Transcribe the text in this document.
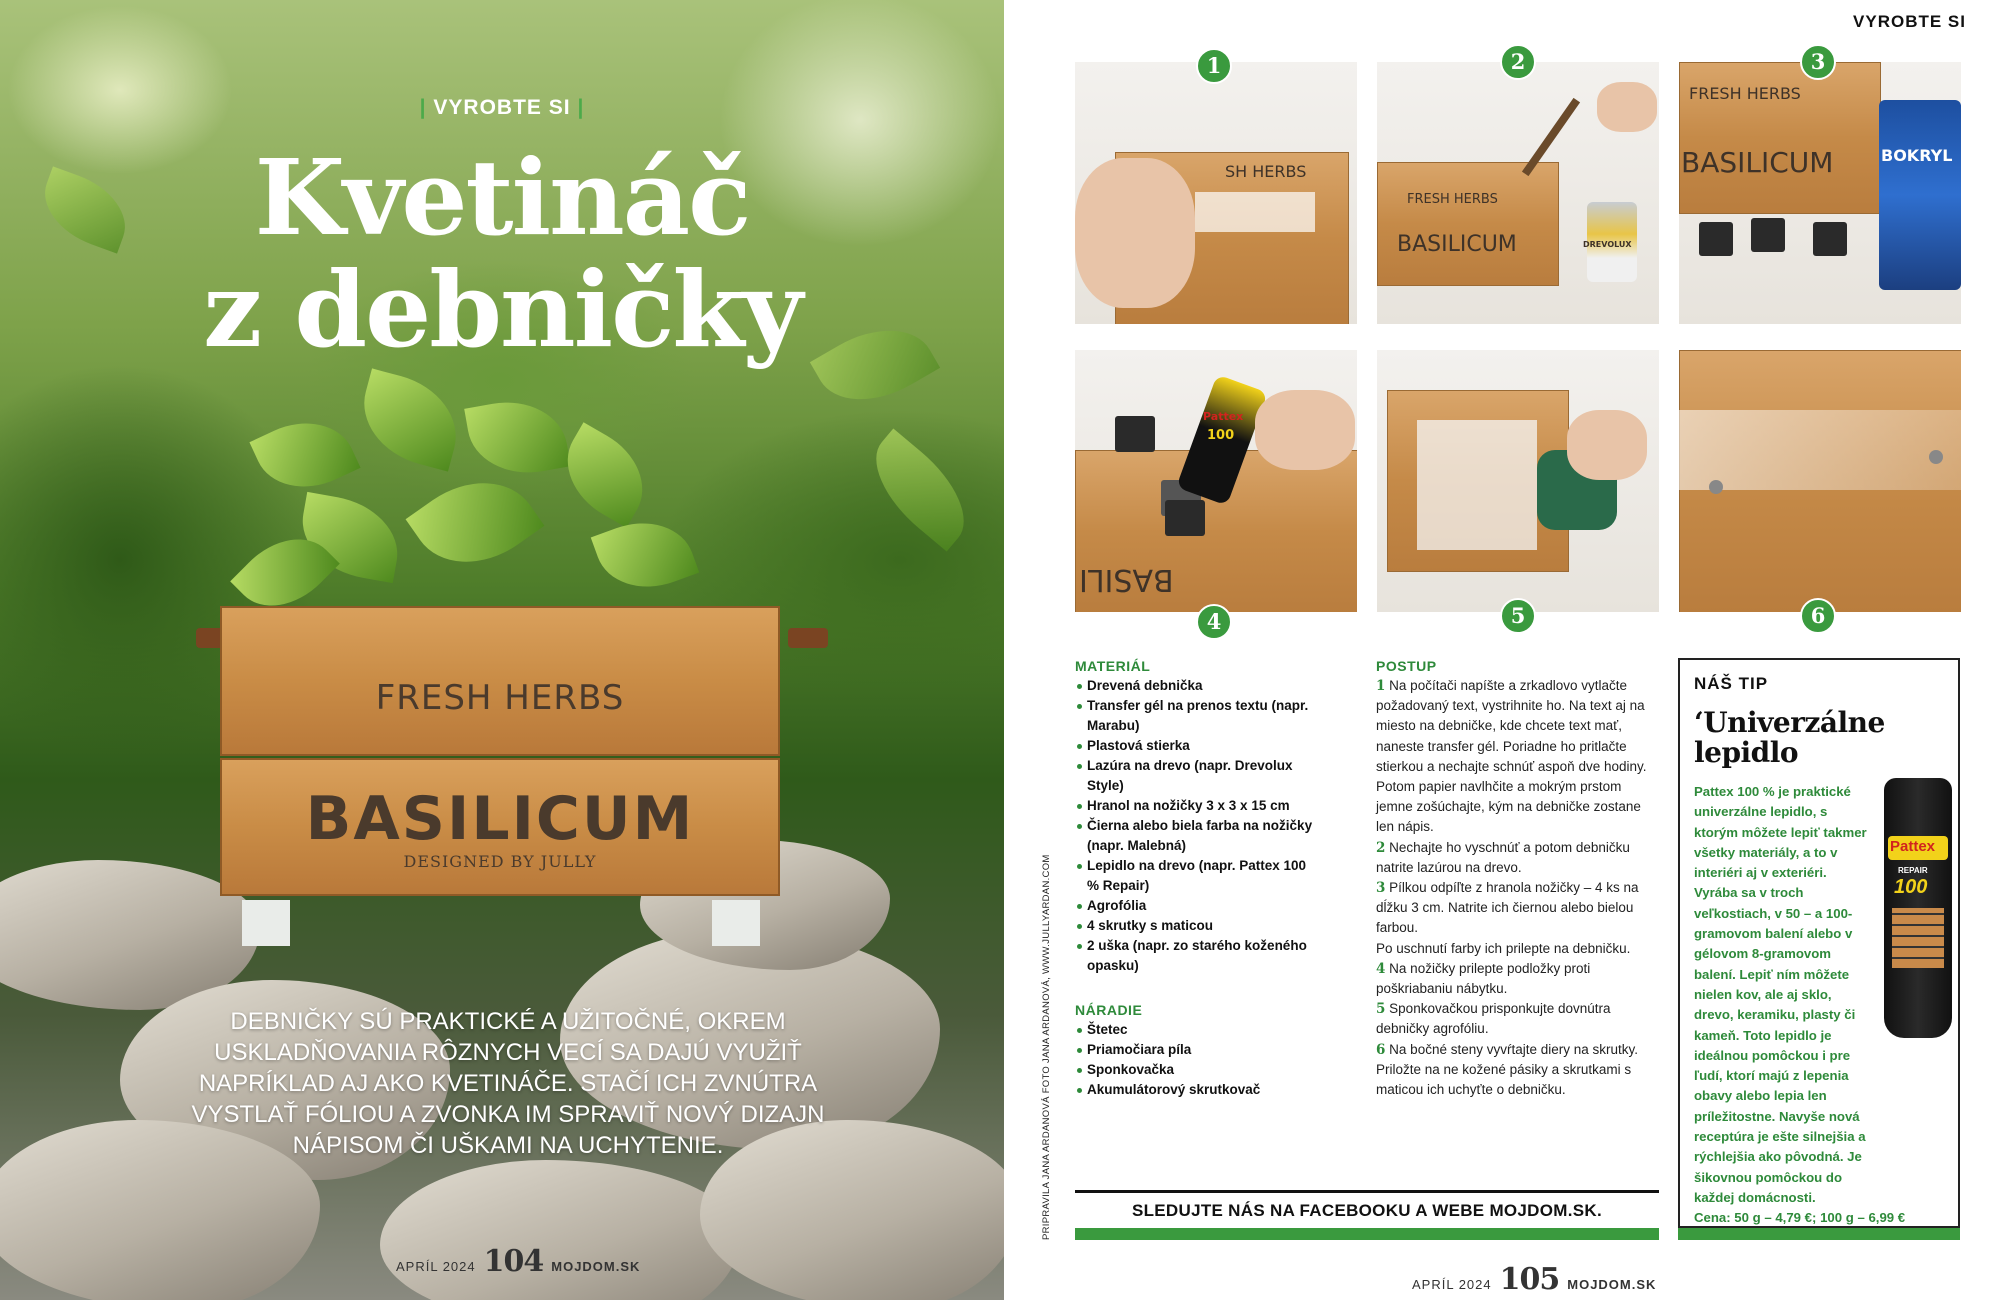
FRESH HERBS
BASILICUM
DESIGNED BY JULLY
| VYROBTE SI |
Kvetináč
z debničky
DEBNIČKY SÚ PRAKTICKÉ A UŽITOČNÉ, OKREM USKLADŇOVANIA RÔZNYCH VECÍ SA DAJÚ VYUŽIŤ NAPRÍKLAD AJ AKO KVETINÁČE. STAČÍ ICH ZVNÚTRA VYSTLAŤ FÓLIOU A ZVONKA IM SPRAVIŤ NOVÝ DIZAJN NÁPISOM ČI UŠKAMI NA UCHYTENIE.
APRÍL 2024 104 MOJDOM.SK
VYROBTE SI
SH HERBS
1
FRESH HERBS
BASILICUM	DREVOLUX
2
FRESH HERBS
BASILICUM	BOKRYL
3
BASILI
Pattex
100
4	5	6
MATERIÁL
Drevená debnička
Transfer gél na prenos textu (napr. Marabu)
Plastová stierka
Lazúra na drevo (napr. Drevolux Style)
Hranol na nožičky 3 x 3 x 15 cm
Čierna alebo biela farba na nožičky (napr. Malebná)
Lepidlo na drevo (napr. Pattex 100 % Repair)
Agrofólia
4 skrutky s maticou
2 uškа (napr. zo starého koženého opasku)
NÁRADIE
Štetec
Priamočiara píla
Sponkovačka
Akumulátorový skrutkovač
PRIPRAVILA JANA ARDANOVÁ FOTO JANA ARDANOVÁ, WWW.JULLYARDAN.COM
POSTUP

1 Na počítači napíšte a zrkadlovo vytlačte požadovaný text, vystrihnite ho. Na text aj na miesto na debničke, kde chcete text mať, naneste transfer gél. Poriadne ho pritlačte stierkou a nechajte schnúť aspoň dve hodiny. Potom papier navlhčite a mokrým prstom jemne zošúchajte, kým na debničke zostane len nápis.

2 Nechajte ho vyschnúť a potom debničku natrite lazúrou na drevo.

3 Pílkou odpíľte z hranola nožičky – 4 ks na dĺžku 3 cm. Natrite ich čiernou alebo bielou farbou.

Po uschnutí farby ich prilepte na debničku.

4 Na nožičky prilepte podložky proti poškriabaniu nábytku.

5 Sponkovačkou prisponkujte dovnútra debničky agrofóliu.

6 Na bočné steny vyvŕtajte diery na skrutky. Priložte na ne kožené pásiky a skrutkami s maticou ich uchyťte o debničku.

SLEDUJTE NÁS NA FACEBOOKU A WEBE MOJDOM.SK.
NÁŠ TIP
‘Univerzálne lepidlo
Pattex 100 % je praktické univerzálne lepidlo, s ktorým môžete lepiť takmer všetky materiály, a to v interiéri aj v exteriéri. Vyrába sa v troch veľkostiach, v 50 – a 100-gramovom balení alebo v gélovom 8-gramovom balení. Lepiť ním môžete nielen kov, ale aj sklo, drevo, keramiku, plasty či kameň. Toto lepidlo je ideálnou pomôckou i pre ľudí, ktorí majú z lepenia obavy alebo lepia len príležitostne. Navyše nová receptúra je ešte silnejšia a rýchlejšia ako pôvodná. Je šikovnou pomôckou do každej domácnosti.
Cena: 50 g – 4,79 €; 100 g – 6,99 €
Pattex
REPAIR
100
APRÍL 2024 105 MOJDOM.SK
